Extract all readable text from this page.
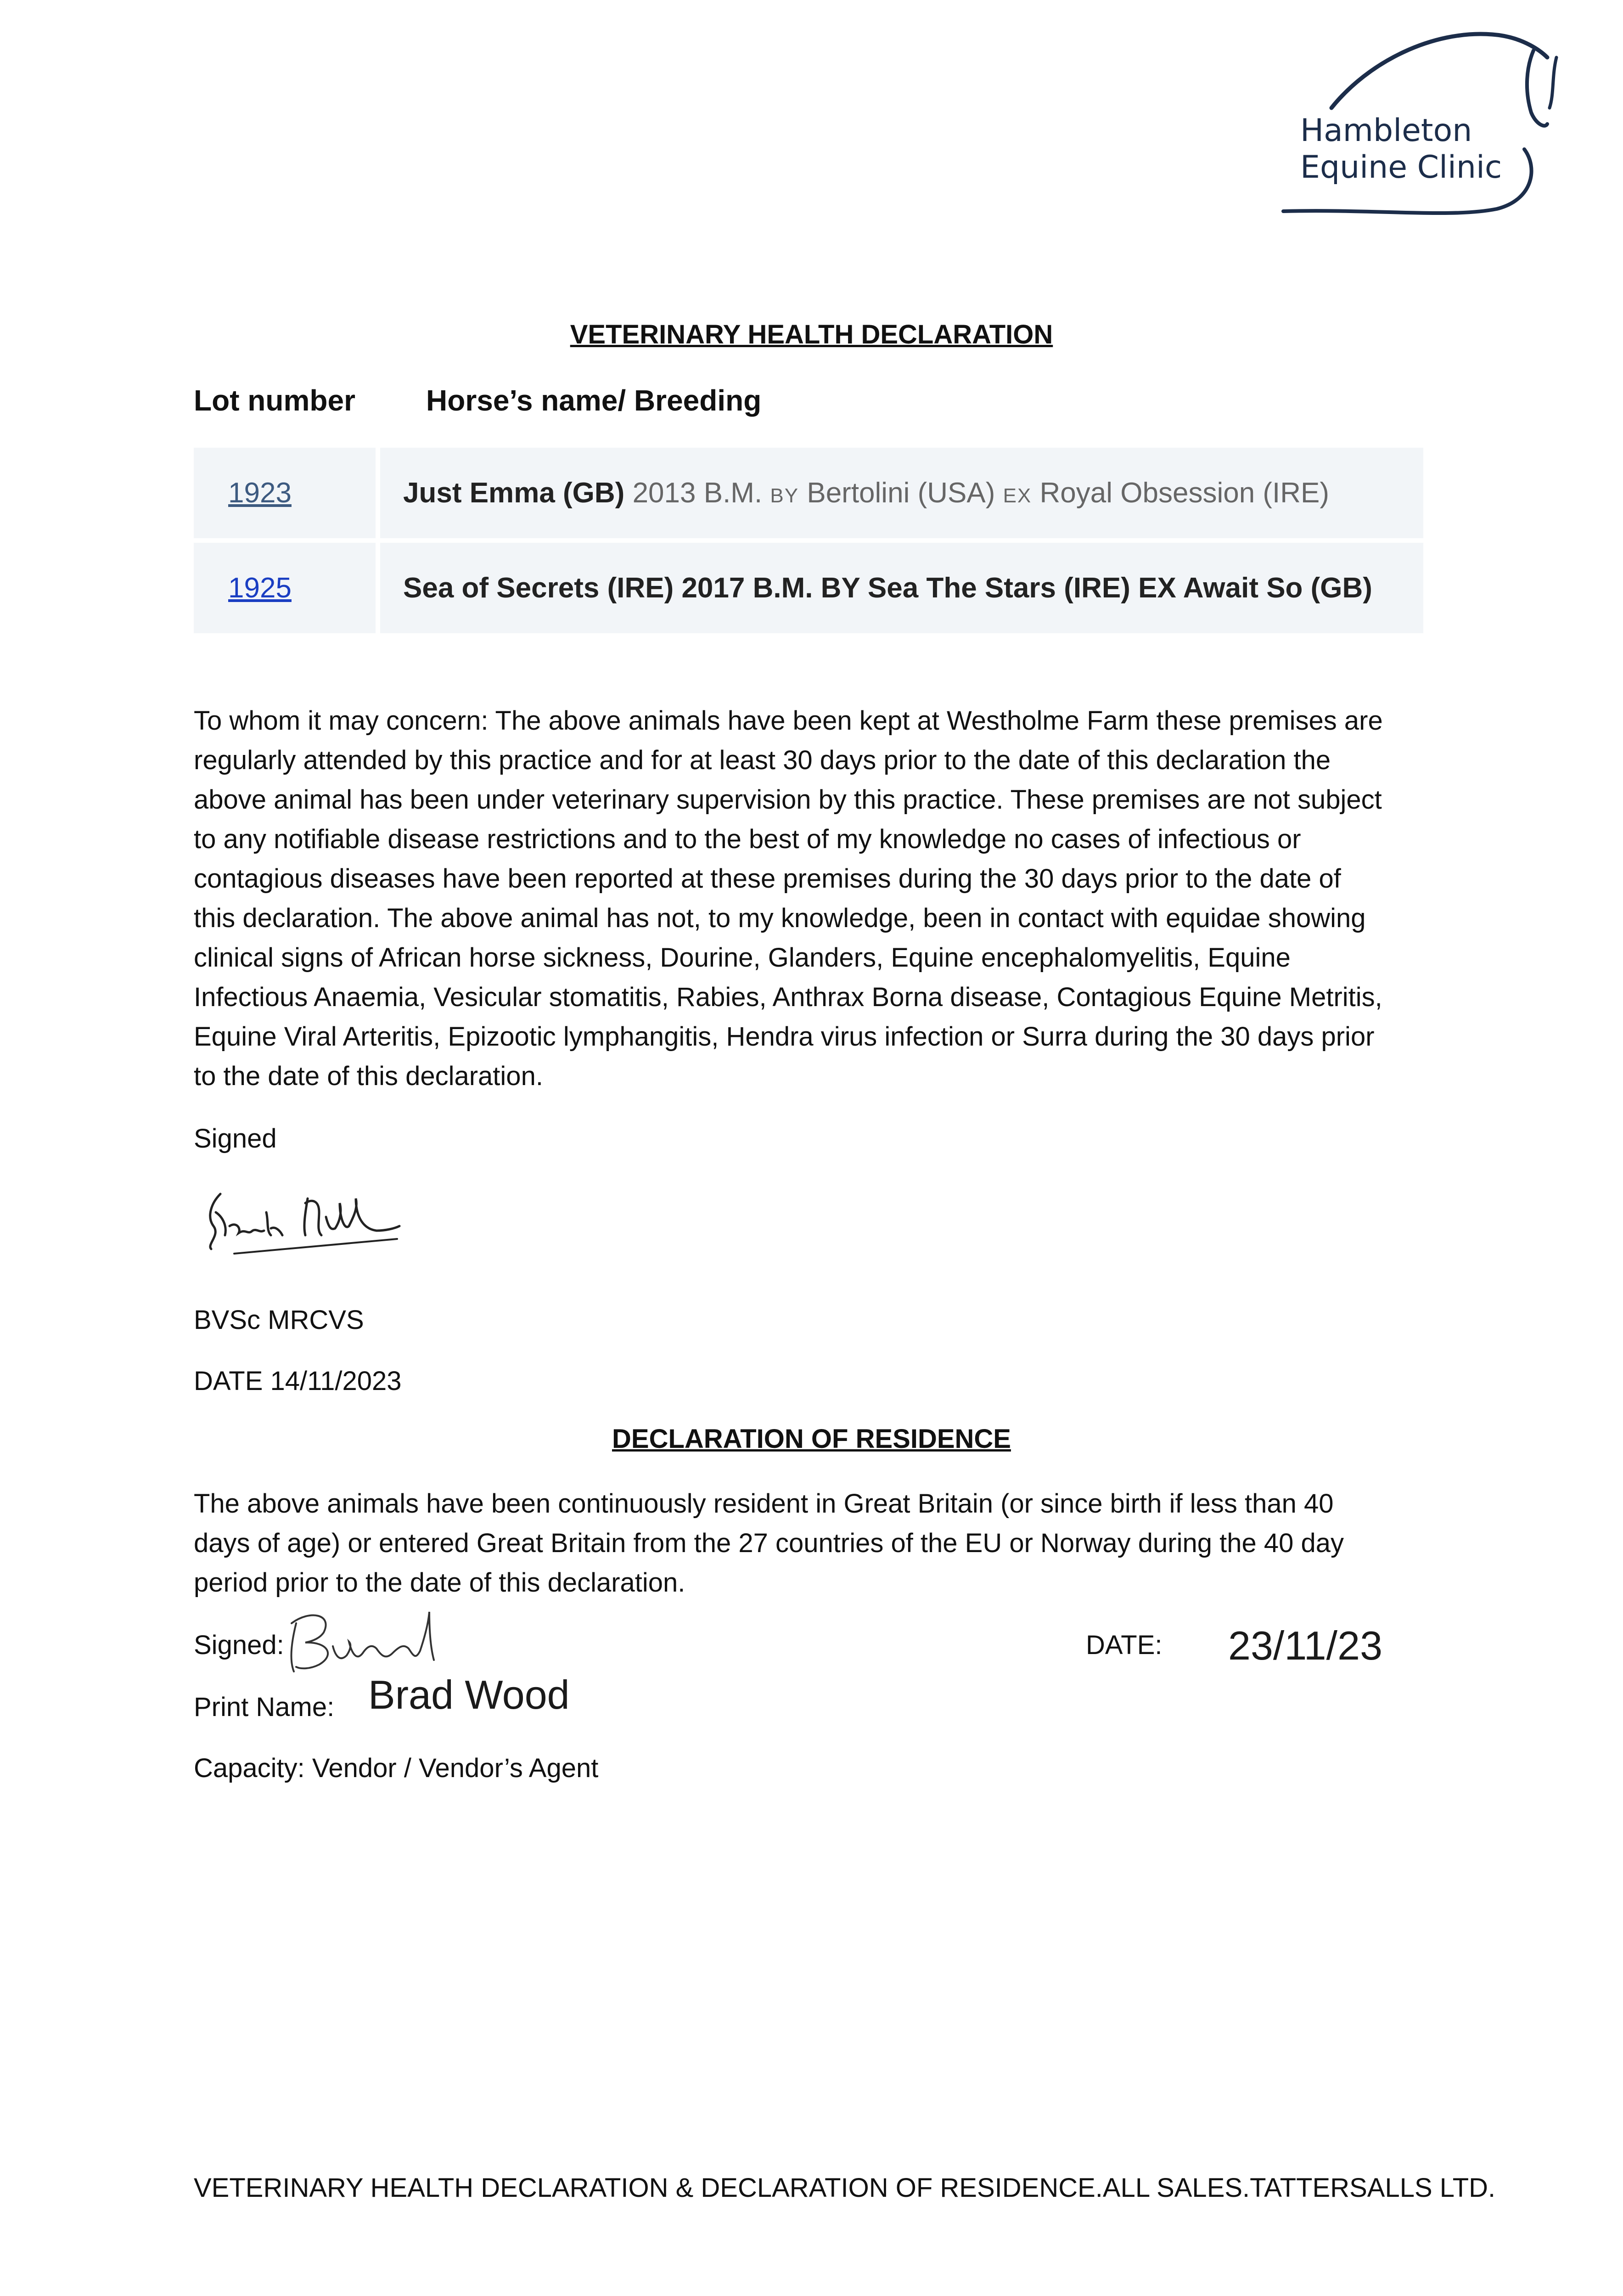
Hambleton
Equine Clinic
VETERINARY HEALTH DECLARATION
Lot number Horse’s name/ Breeding
1923	Just Emma (GB) 2013 B.M. BY Bertolini (USA) EX Royal Obsession (IRE)
1925	Sea of Secrets (IRE) 2017 B.M. BY Sea The Stars (IRE) EX Await So (GB)
To whom it may concern: The above animals have been kept at Westholme Farm these premises are
regularly attended by this practice and for at least 30 days prior to the date of this declaration the
above animal has been under veterinary supervision by this practice. These premises are not subject
to any notifiable disease restrictions and to the best of my knowledge no cases of infectious or
contagious diseases have been reported at these premises during the 30 days prior to the date of
this declaration. The above animal has not, to my knowledge, been in contact with equidae showing
clinical signs of African horse sickness, Dourine, Glanders, Equine encephalomyelitis, Equine
Infectious Anaemia, Vesicular stomatitis, Rabies, Anthrax Borna disease, Contagious Equine Metritis,
Equine Viral Arteritis, Epizootic lymphangitis, Hendra virus infection or Surra during the 30 days prior
to the date of this declaration.
Signed
BVSc MRCVS
DATE 14/11/2023
DECLARATION OF RESIDENCE
The above animals have been continuously resident in Great Britain (or since birth if less than 40
days of age) or entered Great Britain from the 27 countries of the EU or Norway during the 40 day
period prior to the date of this declaration.
Signed:	DATE: 23/11/23
Print Name: Brad Wood
Capacity: Vendor / Vendor’s Agent
VETERINARY HEALTH DECLARATION & DECLARATION OF RESIDENCE.ALL SALES.TATTERSALLS LTD.
